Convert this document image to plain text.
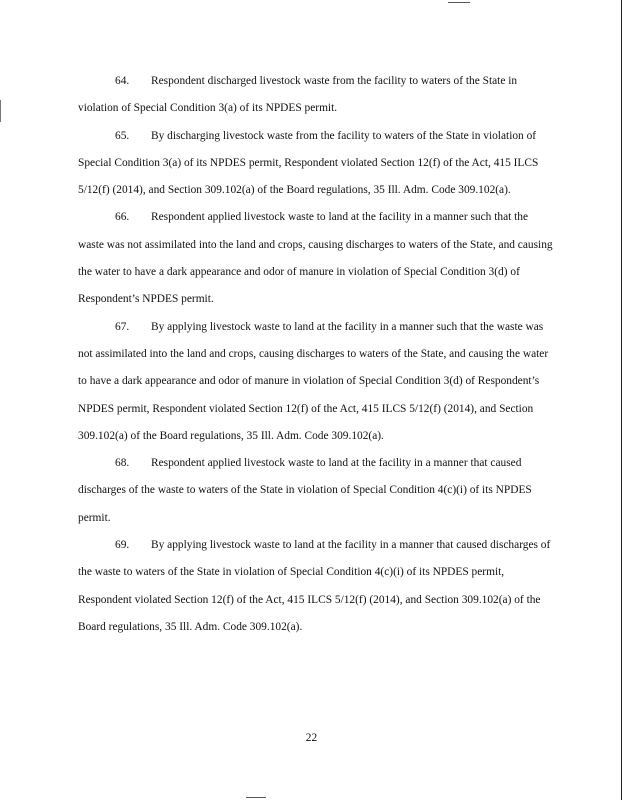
64. Respondent discharged livestock waste from the facility to waters of the State in violation of Special Condition 3(a) of its NPDES permit.

65. By discharging livestock waste from the facility to waters of the State in violation of Special Condition 3(a) of its NPDES permit, Respondent violated Section 12(f) of the Act, 415 ILCS 5/12(f) (2014), and Section 309.102(a) of the Board regulations, 35 Ill. Adm. Code 309.102(a).

66. Respondent applied livestock waste to land at the facility in a manner such that the waste was not assimilated into the land and crops, causing discharges to waters of the State, and causing the water to have a dark appearance and odor of manure in violation of Special Condition 3(d) of Respondent’s NPDES permit.

67. By applying livestock waste to land at the facility in a manner such that the waste was not assimilated into the land and crops, causing discharges to waters of the State, and causing the water to have a dark appearance and odor of manure in violation of Special Condition 3(d) of Respondent’s NPDES permit, Respondent violated Section 12(f) of the Act, 415 ILCS 5/12(f) (2014), and Section 309.102(a) of the Board regulations, 35 Ill. Adm. Code 309.102(a).

68. Respondent applied livestock waste to land at the facility in a manner that caused discharges of the waste to waters of the State in violation of Special Condition 4(c)(i) of its NPDES permit.

69. By applying livestock waste to land at the facility in a manner that caused discharges of the waste to waters of the State in violation of Special Condition 4(c)(i) of its NPDES permit, Respondent violated Section 12(f) of the Act, 415 ILCS 5/12(f) (2014), and Section 309.102(a) of the Board regulations, 35 Ill. Adm. Code 309.102(a).

22
